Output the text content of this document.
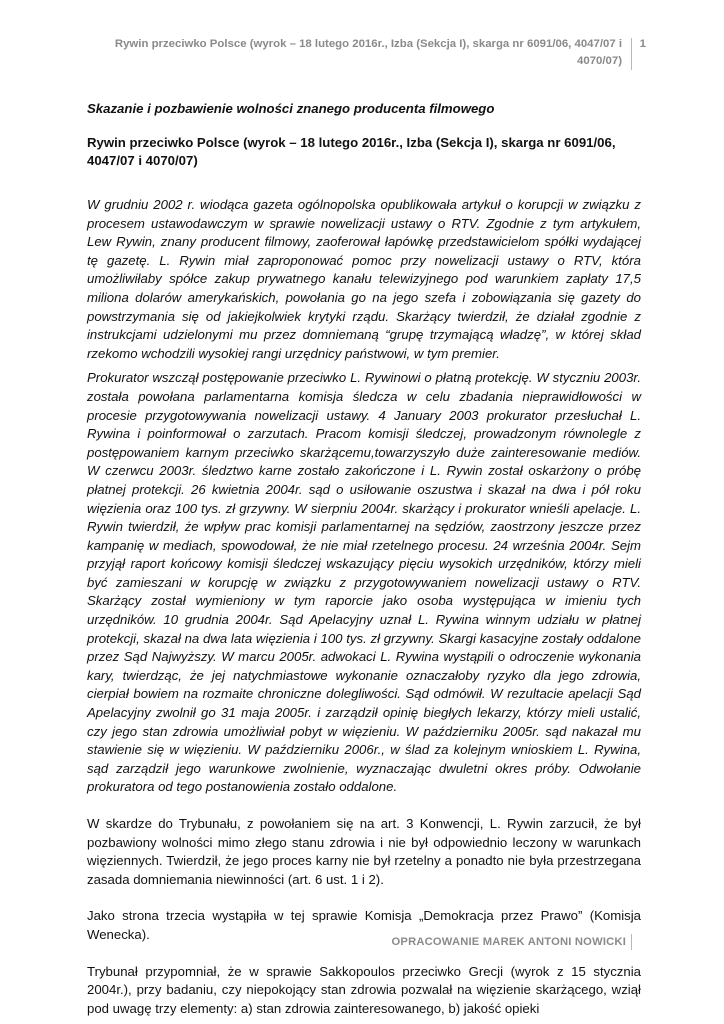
Rywin przeciwko Polsce (wyrok – 18 lutego 2016r., Izba (Sekcja I), skarga nr 6091/06, 4047/07 i 4070/07)
1
Skazanie i pozbawienie wolności znanego producenta filmowego
Rywin przeciwko Polsce (wyrok – 18 lutego 2016r., Izba (Sekcja I), skarga nr 6091/06, 4047/07 i 4070/07)

W grudniu 2002 r. wiodąca gazeta ogólnopolska opublikowała artykuł o korupcji w związku z procesem ustawodawczym w sprawie nowelizacji ustawy o RTV. Zgodnie z tym artykułem, Lew Rywin, znany producent filmowy, zaoferował łapówkę przedstawicielom spółki wydającej tę gazetę. L. Rywin miał zaproponować pomoc przy nowelizacji ustawy o RTV, która umożliwiłaby spółce zakup prywatnego kanału telewizyjnego pod warunkiem zapłaty 17,5 miliona dolarów amerykańskich, powołania go na jego szefa i zobowiązania się gazety do powstrzymania się od jakiejkolwiek krytyki rządu. Skarżący twierdził, że działał zgodnie z instrukcjami udzielonymi mu przez domniemaną “grupę trzymającą władzę”, w której skład rzekomo wchodzili wysokiej rangi urzędnicy państwowi, w tym premier.

Prokurator wszczął postępowanie przeciwko L. Rywinowi o płatną protekcję. W styczniu 2003r. została powołana parlamentarna komisja śledcza w celu zbadania nieprawidłowości w procesie przygotowywania nowelizacji ustawy. 4 January 2003 prokurator przesłuchał L. Rywina i poinformował o zarzutach. Pracom komisji śledczej, prowadzonym równolegle z postępowaniem karnym przeciwko skarżącemu,towarzyszyło duże zainteresowanie mediów. W czerwcu 2003r. śledztwo karne zostało zakończone i L. Rywin został oskarżony o próbę płatnej protekcji. 26 kwietnia 2004r. sąd o usiłowanie oszustwa i skazał na dwa i pół roku więzienia oraz 100 tys. zł grzywny. W sierpniu 2004r. skarżący i prokurator wnieśli apelacje. L. Rywin twierdził, że wpływ prac komisji parlamentarnej na sędziów, zaostrzony jeszcze przez kampanię w mediach, spowodował, że nie miał rzetelnego procesu. 24 września 2004r. Sejm przyjął raport końcowy komisji śledczej wskazujący pięciu wysokich urzędników, którzy mieli być zamieszani w korupcję w związku z przygotowywaniem nowelizacji ustawy o RTV. Skarżący został wymieniony w tym raporcie jako osoba występująca w imieniu tych urzędników. 10 grudnia 2004r. Sąd Apelacyjny uznał L. Rywina winnym udziału w płatnej protekcji, skazał na dwa lata więzienia i 100 tys. zł grzywny. Skargi kasacyjne zostały oddalone przez Sąd Najwyższy. W marcu 2005r. adwokaci L. Rywina wystąpili o odroczenie wykonania kary, twierdząc, że jej natychmiastowe wykonanie oznaczałoby ryzyko dla jego zdrowia, cierpiał bowiem na rozmaite chroniczne dolegliwości. Sąd odmówił. W rezultacie apelacji Sąd Apelacyjny zwolnił go 31 maja 2005r. i zarządził opinię biegłych lekarzy, którzy mieli ustalić, czy jego stan zdrowia umożliwiał pobyt w więzieniu. W październiku 2005r. sąd nakazał mu stawienie się w więzieniu. W październiku 2006r., w ślad za kolejnym wnioskiem L. Rywina, sąd zarządził jego warunkowe zwolnienie, wyznaczając dwuletni okres próby. Odwołanie prokuratora od tego postanowienia zostało oddalone.

W skardze do Trybunału, z powołaniem się na art. 3 Konwencji, L. Rywin zarzucił, że był pozbawiony wolności mimo złego stanu zdrowia i nie był odpowiednio leczony w warunkach więziennych. Twierdził, że jego proces karny nie był rzetelny a ponadto nie była przestrzegana zasada domniemania niewinności (art. 6 ust. 1 i 2).

Jako strona trzecia wystąpiła w tej sprawie Komisja „Demokracja przez Prawo” (Komisja Wenecka).

Trybunał przypomniał, że w sprawie Sakkopoulos przeciwko Grecji (wyrok z 15 stycznia 2004r.), przy badaniu, czy niepokojący stan zdrowia pozwalał na więzienie skarżącego, wziął pod uwagę trzy elementy: a) stan zdrowia zainteresowanego, b) jakość opieki

OPRACOWANIE MAREK ANTONI NOWICKI
